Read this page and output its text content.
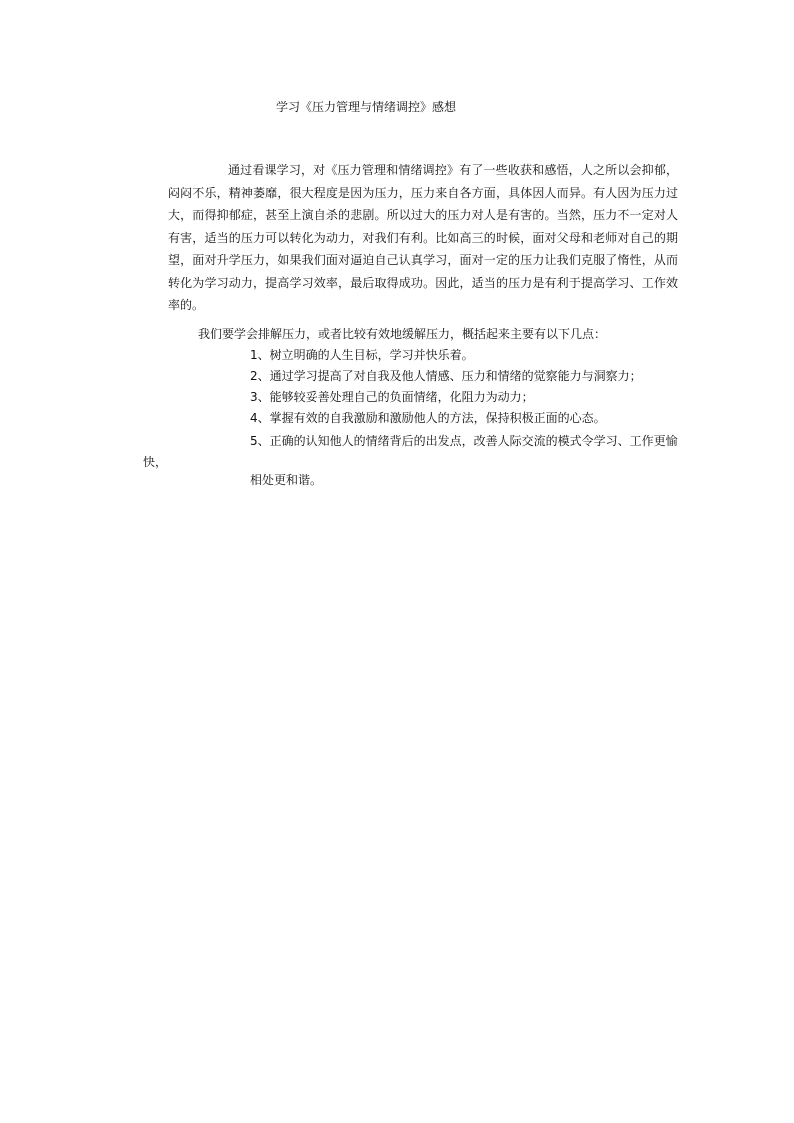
学习《压力管理与情绪调控》感想

通过看课学习，对《压力管理和情绪调控》有了一些收获和感悟，人之所以会抑郁，闷闷不乐，精神萎靡，很大程度是因为压力，压力来自各方面，具体因人而异。有人因为压力过大，而得抑郁症，甚至上演自杀的悲剧。所以过大的压力对人是有害的。当然，压力不一定对人有害，适当的压力可以转化为动力，对我们有利。比如高三的时候，面对父母和老师对自己的期望，面对升学压力，如果我们面对逼迫自己认真学习，面对一定的压力让我们克服了惰性，从而转化为学习动力，提高学习效率，最后取得成功。因此，适当的压力是有利于提高学习、工作效率的。

我们要学会排解压力，或者比较有效地缓解压力，概括起来主要有以下几点：
1、树立明确的人生目标，学习并快乐着。
2、通过学习提高了对自我及他人情感、压力和情绪的觉察能力与洞察力；
3、能够较妥善处理自己的负面情绪，化阻力为动力；
4、掌握有效的自我激励和激励他人的方法，保持积极正面的心态。

5、正确的认知他人的情绪背后的出发点，改善人际交流的模式令学习、工作更愉快，

相处更和谐。
